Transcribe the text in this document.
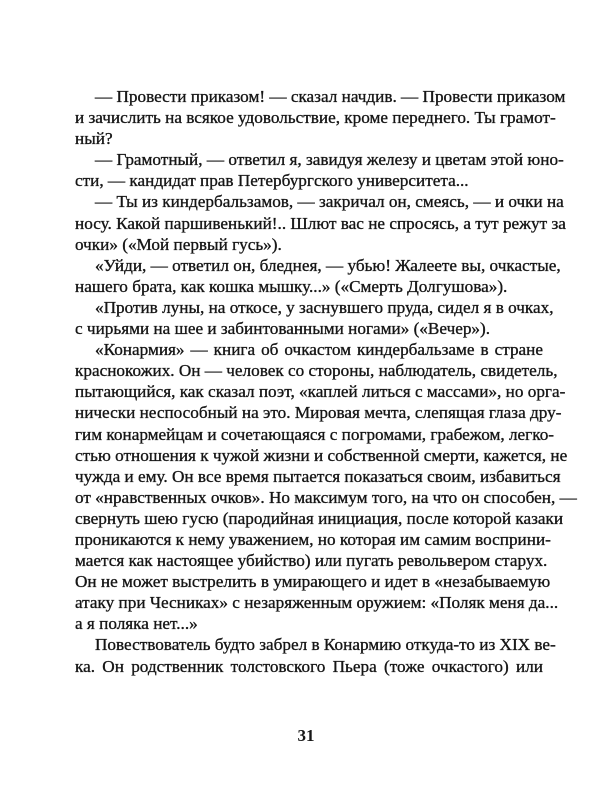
— Провести приказом! — сказал начдив. — Провести приказом
и зачислить на всякое удовольствие, кроме переднего. Ты грамот-
ный?
— Грамотный, — ответил я, завидуя железу и цветам этой юно-
сти, — кандидат прав Петербургского университета...
— Ты из киндербальзамов, — закричал он, смеясь, — и очки на
носу. Какой паршивенький!.. Шлют вас не спросясь, а тут режут за
очки» («Мой первый гусь»).
«Уйди, — ответил он, бледнея, — убью! Жалеете вы, очкастые,
нашего брата, как кошка мышку...» («Смерть Долгушова»).
«Против луны, на откосе, у заснувшего пруда, сидел я в очках,
с чирьями на шее и забинтованными ногами» («Вечер»).
«Конармия» — книга об очкастом киндербальзаме в стране
краснокожих. Он — человек со стороны, наблюдатель, свидетель,
пытающийся, как сказал поэт, «каплей литься с массами», но орга-
нически неспособный на это. Мировая мечта, слепящая глаза дру-
гим конармейцам и сочетающаяся с погромами, грабежом, легко-
стью отношения к чужой жизни и собственной смерти, кажется, не
чужда и ему. Он все время пытается показаться своим, избавиться
от «нравственных очков». Но максимум того, на что он способен, —
свернуть шею гусю (пародийная инициация, после которой казаки
проникаются к нему уважением, но которая им самим восприни-
мается как настоящее убийство) или пугать револьвером старух.
Он не может выстрелить в умирающего и идет в «незабываемую
атаку при Чесниках» с незаряженным оружием: «Поляк меня да...
а я поляка нет...»
Повествователь будто забрел в Конармию откуда-то из XIX ве-
ка. Он родственник толстовского Пьера (тоже очкастого) или
31
